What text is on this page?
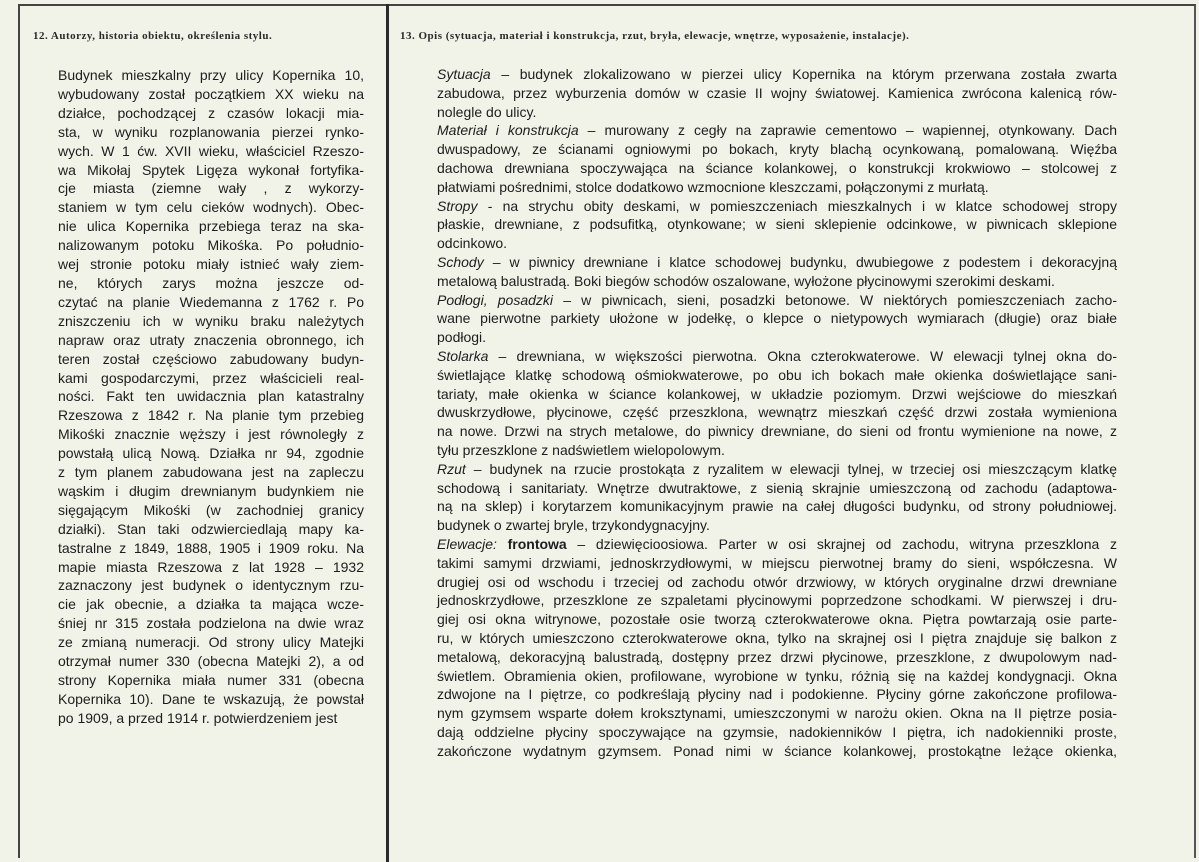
12. Autorzy, historia obiektu, określenia stylu.	13. Opis (sytuacja, materiał i konstrukcja, rzut, bryła, elewacje, wnętrze, wyposażenie, instalacje).
Budynek mieszkalny przy ulicy Kopernika 10,
wybudowany został początkiem XX wieku na
działce, pochodzącej z czasów lokacji mia-
sta, w wyniku rozplanowania pierzei rynko-
wych. W 1 ćw. XVII wieku, właściciel Rzeszo-
wa Mikołaj Spytek Ligęza wykonał fortyfika-
cje miasta (ziemne wały , z wykorzy-
staniem w tym celu cieków wodnych). Obec-
nie ulica Kopernika przebiega teraz na ska-
nalizowanym potoku Mikośka. Po południo-
wej stronie potoku miały istnieć wały ziem-
ne, których zarys można jeszcze od-
czytać na planie Wiedemanna z 1762 r. Po
zniszczeniu ich w wyniku braku należytych
napraw oraz utraty znaczenia obronnego, ich
teren został częściowo zabudowany budyn-
kami gospodarczymi, przez właścicieli real-
ności. Fakt ten uwidacznia plan katastralny
Rzeszowa z 1842 r. Na planie tym przebieg
Mikośki znacznie węższy i jest równoległy z
powstałą ulicą Nową. Działka nr 94, zgodnie
z tym planem zabudowana jest na zapleczu
wąskim i długim drewnianym budynkiem nie
sięgającym Mikośki (w zachodniej granicy
działki). Stan taki odzwierciedlają mapy ka-
tastralne z 1849, 1888, 1905 i 1909 roku. Na
mapie miasta Rzeszowa z lat 1928 – 1932
zaznaczony jest budynek o identycznym rzu-
cie jak obecnie, a działka ta mająca wcze-
śniej nr 315 została podzielona na dwie wraz
ze zmianą numeracji. Od strony ulicy Matejki
otrzymał numer 330 (obecna Matejki 2), a od
strony Kopernika miała numer 331 (obecna
Kopernika 10). Dane te wskazują, że powstał
po 1909, a przed 1914 r. potwierdzeniem jest
Sytuacja – budynek zlokalizowano w pierzei ulicy Kopernika na którym przerwana została zwarta
zabudowa, przez wyburzenia domów w czasie II wojny światowej. Kamienica zwrócona kalenicą rów-
nolegle do ulicy.
Materiał i konstrukcja – murowany z cegły na zaprawie cementowo – wapiennej, otynkowany. Dach
dwuspadowy, ze ścianami ogniowymi po bokach, kryty blachą ocynkowaną, pomalowaną. Więźba
dachowa drewniana spoczywająca na ściance kolankowej, o konstrukcji krokwiowo – stolcowej z
płatwiami pośrednimi, stolce dodatkowo wzmocnione kleszczami, połączonymi z murłatą.
Stropy - na strychu obity deskami, w pomieszczeniach mieszkalnych i w klatce schodowej stropy
płaskie, drewniane, z podsufitką, otynkowane; w sieni sklepienie odcinkowe, w piwnicach sklepione
odcinkowo.
Schody – w piwnicy drewniane i klatce schodowej budynku, dwubiegowe z podestem i dekoracyjną
metalową balustradą. Boki biegów schodów oszalowane, wyłożone płycinowymi szerokimi deskami.
Podłogi, posadzki – w piwnicach, sieni, posadzki betonowe. W niektórych pomieszczeniach zacho-
wane pierwotne parkiety ułożone w jodełkę, o klepce o nietypowych wymiarach (długie) oraz białe
podłogi.
Stolarka – drewniana, w większości pierwotna. Okna czterokwaterowe. W elewacji tylnej okna do-
świetlające klatkę schodową ośmiokwaterowe, po obu ich bokach małe okienka doświetlające sani-
tariaty, małe okienka w ściance kolankowej, w układzie poziomym. Drzwi wejściowe do mieszkań
dwuskrzydłowe, płycinowe, część przeszklona, wewnątrz mieszkań część drzwi została wymieniona
na nowe. Drzwi na strych metalowe, do piwnicy drewniane, do sieni od frontu wymienione na nowe, z
tyłu przeszklone z nadświetlem wielopolowym.
Rzut – budynek na rzucie prostokąta z ryzalitem w elewacji tylnej, w trzeciej osi mieszczącym klatkę
schodową i sanitariaty. Wnętrze dwutraktowe, z sienią skrajnie umieszczoną od zachodu (adaptowa-
ną na sklep) i korytarzem komunikacyjnym prawie na całej długości budynku, od strony południowej.
budynek o zwartej bryle, trzykondygnacyjny.
Elewacje: frontowa – dziewięcioosiowa. Parter w osi skrajnej od zachodu, witryna przeszklona z
takimi samymi drzwiami, jednoskrzydłowymi, w miejscu pierwotnej bramy do sieni, współczesna. W
drugiej osi od wschodu i trzeciej od zachodu otwór drzwiowy, w których oryginalne drzwi drewniane
jednoskrzydłowe, przeszklone ze szpaletami płycinowymi poprzedzone schodkami. W pierwszej i dru-
giej osi okna witrynowe, pozostałe osie tworzą czterokwaterowe okna. Piętra powtarzają osie parte-
ru, w których umieszczono czterokwaterowe okna, tylko na skrajnej osi I piętra znajduje się balkon z
metalową, dekoracyjną balustradą, dostępny przez drzwi płycinowe, przeszklone, z dwupolowym nad-
świetlem. Obramienia okien, profilowane, wyrobione w tynku, różnią się na każdej kondygnacji. Okna
zdwojone na I piętrze, co podkreślają płyciny nad i podokienne. Płyciny górne zakończone profilowa-
nym gzymsem wsparte dołem kroksztynami, umieszczonymi w narożu okien. Okna na II piętrze posia-
dają oddzielne płyciny spoczywające na gzymsie, nadokienników I piętra, ich nadokienniki proste,
zakończone wydatnym gzymsem. Ponad nimi w ściance kolankowej, prostokątne leżące okienka,
